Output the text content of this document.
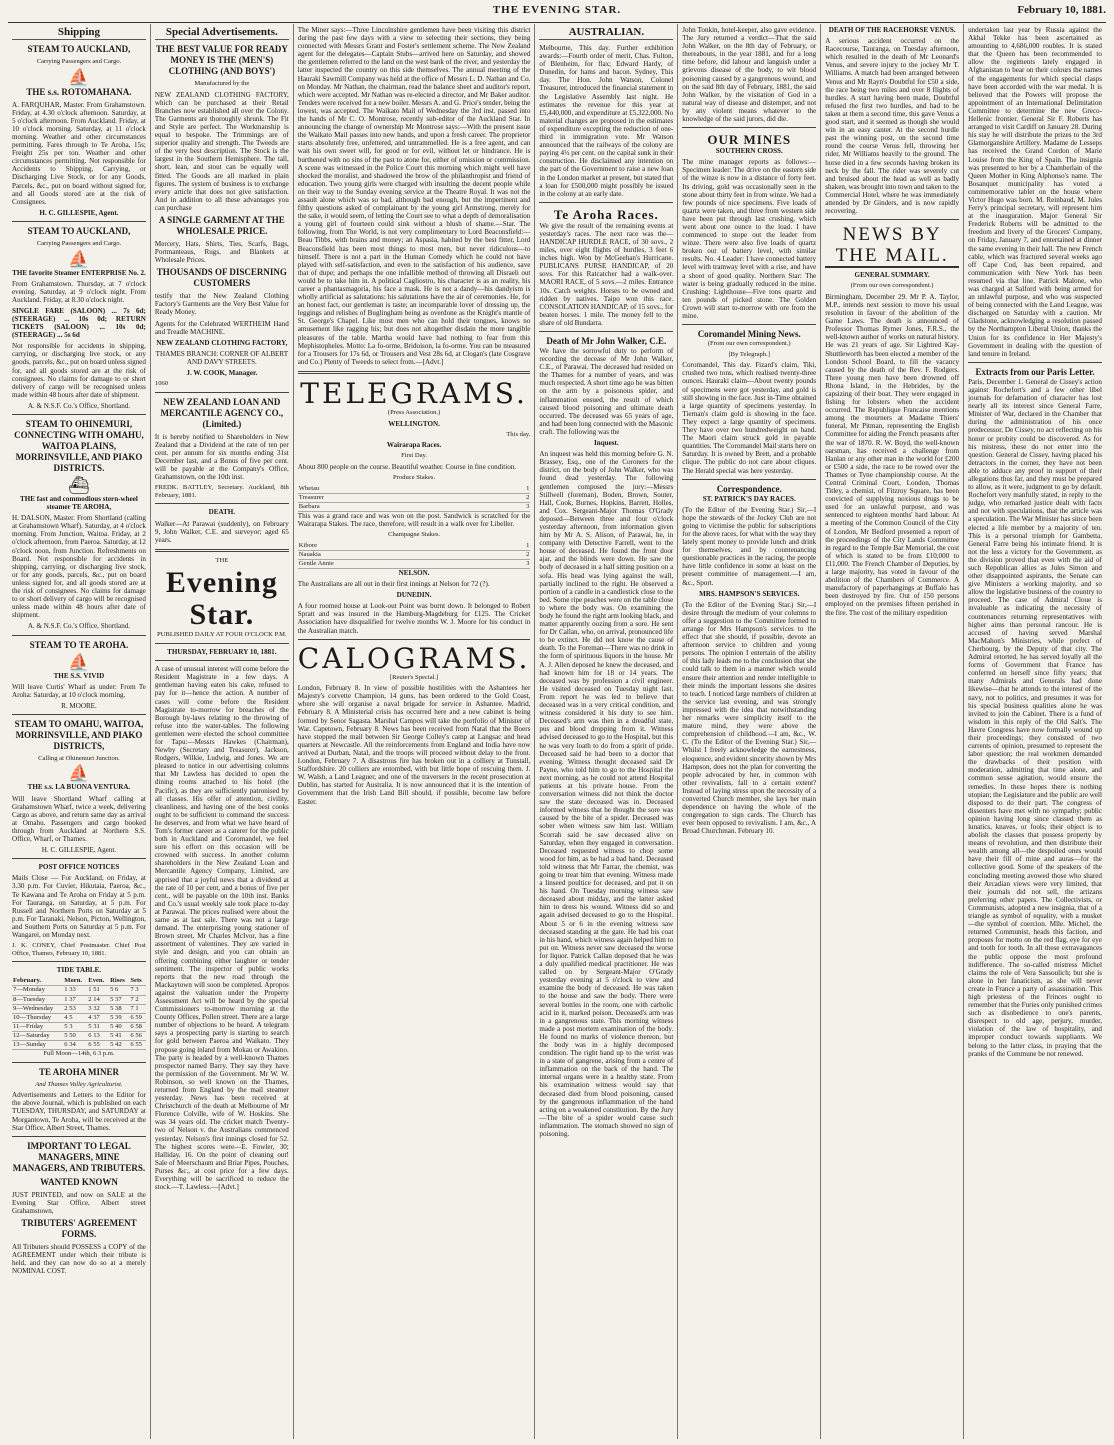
THE EVENING STAR.	February 10, 1881.
Shipping

STEAM TO AUCKLAND,

Carrying Passengers and Cargo.

⛵

THE s.s. ROTOMAHANA.

A. FARQUHAR, Master. From Grahamstown. Friday, at 4.30 o'clock afternoon. Saturday, at 5 o'clock afternoon. From Auckland. Friday, at 10 o'clock morning. Saturday, at 11 o'clock morning. Weather and other circumstances permitting. Fares through to Te Aroha, 15s; Freight 25s per ton. Weather and other circumstances permitting. Not responsible for Accidents to Shipping, Carrying, or Discharging Live Stock, or for any Goods, Parcels, &c., put on board without signed for, and all Goods stored are at the risk of Consignees.

H. C. GILLESPIE, Agent.

STEAM TO AUCKLAND,

Carrying Passengers and Cargo.

⛵

THE favorite Steamer ENTERPRISE No. 2.

From Grahamstown. Thursday, at 7 o'clock evening. Saturday, at 9 o'clock night. From Auckland. Friday, at 8.30 o'clock night.

SINGLE FARE (SALOON) ... 7s 6d; (STEERAGE) ... 10s 0d; RETURN TICKETS (SALOON) ... 10s 0d; (STEERAGE) ... 5s 6d

Not responsible for accidents in shipping, carrying, or discharging live stock, or any goods, parcels, &c., put on board unless signed for, and all goods stored are at the risk of consignees. No claims for damage to or short delivery of cargo will be recognised unless made within 48 hours after date of shipment.

A. & N.S.F. Co.'s Office, Shortland.

STEAM TO OHINEMURI, CONNECTING WITH OMAHU, WAITOA PLAINS, MORRINSVILLE, AND PIAKO DISTRICTS.

⛴

THE fast and commodious stern-wheel steamer TE AROHA,

H. DALSON, Master. From Shortland (calling at Grahamstown Wharf). Saturday, at 4 o'clock morning. From Junction, Waitoa. Friday, at 2 o'clock afternoon, from Paeroa. Saturday, at 12 o'clock noon, from Junction. Refreshments on Board. Not responsible for accidents in shipping, carrying, or discharging live stock, or for any goods, parcels, &c., put on board unless signed for, and all goods stored are at the risk of consignees. No claims for damage to or short delivery of cargo will be recognised unless made within 48 hours after date of shipment.

A. & N.S.F. Co.'s Office, Shortland.

STEAM TO TE AROHA.

⛵

THE S.S. VIVID

Will leave Curtis' Wharf as under: From Te Aroha: Saturday, at 10 o'clock morning.

R. MOORE.

STEAM TO OMAHU, WAITOA, MORRINSVILLE, AND PIAKO DISTRICTS,

Calling at Ohinemuri Junction.

⛵

THE s.s. LA BUONA VENTURA.

Will leave Shortland Wharf calling at Grahamstown Wharf, twice a week, delivering Cargo as above, and return same day as arrival at Omahu. Passengers and cargo booked through from Auckland at Northern S.S. Office, Wharf, or Thames.

H. C. GILLESPIE, Agent.

POST OFFICE NOTICES

Mails Close — For Auckland, on Friday, at 3.30 p.m. For Cuvier, Hikutaia, Paeroa, &c., Te Kawana and Te Aroha on Friday at 5 p.m. For Tauranga, on Saturday, at 5 p.m. For Russell and Northern Ports on Saturday at 5 p.m. For Taranaki, Nelson, Picton, Wellington, and Southern Ports on Saturday at 5 p.m. For Wangarei, on Monday next.

J. K. CONEY, Chief Postmaster. Chief Post Office, Thames, February 10, 1881.

TIDE TABLE.

February.	Morn.	Even.	Rises	Sets
7—Monday	1 33	1 51	5 6	7 3
8—Tuesday	1 37	2 14	5 37	7 2
9—Wednesday	2 53	3 32	5 38	7 1
10—Thursday	4 5	4 37	5 39	6 59
11—Friday	5 3	5 31	5 40	6 58
12—Saturday	5 50	6 13	5 41	6 56
13—Sunday	6 34	6 55	5 42	6 55

Full Moon—14th, 6 3 p.m.

TE AROHA MINER

And Thames Valley Agriculturist.

Advertisements and Letters to the Editor for the above Journal, which is published on each TUESDAY, THURSDAY, and SATURDAY at Morgantown, Te Aroha, will be received at the Star Office, Albert Street, Thames.

IMPORTANT TO LEGAL MANAGERS, MINE MANAGERS, AND TRIBUTERS.

WANTED KNOWN

JUST PRINTED, and now on SALE at the Evening Star Office, Albert street Grahamstown,

TRIBUTERS' AGREEMENT FORMS.

All Tributers should POSSESS a COPY of the AGREEMENT under which their tribute is held, and they can now do so at a merely NOMINAL COST.

Special Advertisements.

THE BEST VALUE FOR READY MONEY IS THE (MEN'S) CLOTHING (AND BOYS')

Manufactured by the

NEW ZEALAND CLOTHING FACTORY, which can be purchased at their Retail Branches now established all over the Colony. The Garments are thoroughly shrunk. The Fit and Style are perfect. The Workmanship is equal to bespoke. The Trimmings are of superior quality and strength. The Tweeds are of the very best description. The Stock is the largest in the Southern Hemisphere. The tall, short, lean, and stout can be equally well fitted. The Goods are all marked in plain figures. The system of business is to exchange every article that does not give satisfaction. And in addition to all these advantages you can purchase

A SINGLE GARMENT AT THE WHOLESALE PRICE.

Mercery, Hats, Shirts, Ties, Scarfs, Bags, Portmanteaus, Rugs, and Blankets at Wholesale Prices.

THOUSANDS OF DISCERNING CUSTOMERS

testify that the New Zealand Clothing Factory's Garments are the Very Best Value for Ready Money.

Agents for the Celebrated WERTHEIM Hand and Treadle MACHINE.

NEW ZEALAND CLOTHING FACTORY,

THAMES BRANCH: CORNER OF ALBERT AND DAVY STREETS.

J. W. COOK, Manager.

1060

NEW ZEALAND LOAN AND MERCANTILE AGENCY CO., (Limited.)

It is hereby notified to Shareholders in New Zealand that a Dividend at the rate of ten per cent. per annum for six months ending 31st December last, and a Bonus of five per cent. will be payable at the Company's Office, Grahamstown, on the 10th inst.

FREDK. BATTLEY, Secretary. Auckland, 8th February, 1881.

DEATH.

Walker—At Parawai (suddenly), on February 9, John Walker, C.E. and surveyor; aged 65 years.

THE

Evening Star.

PUBLISHED DAILY AT FOUR O'CLOCK P.M.

THURSDAY, FEBRUARY 10, 1881.

A case of unusual interest will come before the Resident Magistrate in a few days. A gentleman having eaten his cake, refused to pay for it—hence the action. A number of cases will come before the Resident Magistrate to-morrow for breaches of the Borough by-laws relating to the throwing of refuse into the water-tables. The following gentlemen were elected the school committee for Tapu:—Messrs Hawkes (Chairman), Newby (Secretary and Treasurer), Jackson, Rodgers, Wilkie, Ludwig, and Jones. We are pleased to notice in our advertising columns that Mr Lawless has decided to open the dining rooms attached to his hotel (the Pacific), as they are sufficiently patronised by all classes. His offer of attention, civility, cleanliness, and having one of the best cooks ought to be sufficient to command the success he deserves, and from what we have heard of Tom's former career as a caterer for the public both in Auckland and Coromandel, we feel sure his effort on this occasion will be crowned with success. In another column shareholders in the New Zealand Loan and Mercantile Agency Company, Limited, are apprised that a joyful news that a dividend at the rate of 10 per cent, and a bonus of five per cent., will be payable on the 10th inst. Banks and Co.'s usual weekly sale took place to-day at Parawai. The prices realised were about the same as at last sale. There was not a large demand. The enterprising young stationer of Brown street, Mr Charles McIvor, has a fine assortment of valentines. They are varied in style and design, and you can obtain an offering combining either laughter or tender sentiment. The inspector of public works reports that the new road through the Mackaytown will soon be completed. Apropos against the valuation under the Property Assessment Act will be heard by the special Commissioners to-morrow morning at the County Offices, Pollen street. There are a large number of objections to be heard. A telegram says a prospecting party is starting to search for gold between Paeroa and Waikato. They propose going inland from Mokau or Awakino. The party is headed by a well-known Thames prospector named Barry. They say they have the permission of the Government. Mr W. W. Robinson, so well known on the Thames, returned from England by the mail steamer yesterday. News has been received at Christchurch of the death at Melbourne of Mr Florence Colville, wife of W. Hoskins. She was 34 years old. The cricket match Twenty-two of Nelson v. the Australians commenced yesterday. Nelson's first innings closed for 52. The highest scores were—E. Fowler, 30; Halliday, 16. On the point of cleaning out! Sale of Meerschaum and Briar Pipes, Pouches, Purses &c., at cost price for a few days. Everything will be sacrificed to reduce the stock.—T. Lawless.—[Advt.]

The Miner says:—Three Lincolnshire gentlemen have been visiting this district during the past few days with a view to selecting their sections, they being connected with Messrs Grant and Foster's settlement scheme. The New Zealand agent for the delegates—Captain Stubs—arrived here on Saturday, and showed the gentlemen referred to the land on the west bank of the river, and yesterday the latter inspected the country on this side themselves. The annual meeting of the Hauraki Sawmill Company was held at the office of Messrs L. D. Nathan and Co. on Monday. Mr Nathan, the chairman, read the balance sheet and auditor's report, which were accepted. Mr Nathan was re-elected a director, and Mr Baker auditor. Tenders were received for a new boiler. Messrs A. and G. Price's tender, being the lowest, was accepted. The Waikato Mail of Wednesday the 3rd inst. passed into the hands of Mr C. O. Montrose, recently sub-editor of the Auckland Star. In announcing the change of ownership Mr Montrose says:—With the present issue the Waikato Mail passes into new hands, and upon a fresh career. The proprietor starts absolutely free, unfettered, and untrammelled. He is a free agent, and can wait his own sweet will, for good or for evil, without let or hindrance. He is burthened with no sins of the past to atone for, either of omission or commission. A scene was witnessed in the Police Court this morning which might well have shocked the moralist, and shadowed the brow of the philanthropist and friend of education. Two young girls were charged with insulting the decent people while on their way to the Sunday evening service at the Theatre Royal. It was not the assault alone which was so bad, although bad enough, but the impertinent and filthy questions asked of complainant by the young girl Armstrong, merely for the sake, it would seem, of letting the Court see to what a depth of demoralisation a young girl of fourteen could sink without a blush of shame.—Star. The following, from The World, is not very complimentary to Lord Beaconsfield:—Beau Tibbs, with brains and money; an Aspasia, habited by the best fitter, Lord Beaconsfield has been most things to most men, but never ridiculous—to himself. There is not a part in the Human Comedy which he could not have played with self-satisfaction, and even to the satisfaction of his audience, save that of dupe; and perhaps the one infallible method of throwing all Disraeli out would be to take him in. A political Cagliostro, his character is as an reality, his career a phantasmagoria, his face a mask. He is not a dandy—his dandyism is wholly artificial as salutations: his salutations have the air of ceremonies. He, for an honest fact, our gentleman is taste; an incomparable lover of dressing up, the leggings and relishes of Buglingham being as overdone as the Knight's mantle of St. George's Chapel. Like most men who can hold their tongues, knows no amusement like ragging his; but does not altogether disdain the more tangible pleasures of the table. Martha would have had nothing to fear from this Mephistopheles. Motto: La fo-orme, Bridoison, la fo-orme. You can be measured for a Trousers for 17s 6d, or Trousers and Vest 28s 6d, at Clogan's (late Cosgrave and Co.) Plenty of Tweeds to select from.—[Advt.]

TELEGRAMS.

(Press Association.)

WELLINGTON.

This day.

Wairarapa Races.

First Day.

About 800 people on the course. Beautiful weather. Course in fine condition.

Produce Stakes.

Whetau	1
Treasurer	2
Barbara	3

This was a grand race and was won on the post. Sandwick is scratched for the Wairarapa Stakes. The race, therefore, will result in a walk over for Libeller.

Champagne Stakes.

Kibore	1
Nauakia	2
Gentle Annie	3

NELSON.

The Australians are all out in their first innings at Nelson for 72 (?).

DUNEDIN.

A four roomed house at Look-out Point was burnt down. It belonged to Robert Spratt and was insured in the Hamburg-Magdeburg for £125. The Cricket Association have disqualified for twelve months W. J. Moore for his conduct in the Australian match.

CALOGRAMS.

[Reuter's Special.]

London, February 8. In view of possible hostilities with the Ashantees her Majesty's corvette Champion, 14 guns, has been ordered to the Gold Coast, where she will organise a naval brigade for service in Ashantee. Madrid, February 8. A Ministerial crisis has occurred here and a new cabinet is being formed by Senor Sagasta. Marshal Campos will take the portfolio of Minister of War. Capetown, February 8. News has been received from Natal that the Boers have stopped the mail between Sir George Colley's camp at Langsac and head quarters at Newcastle. All the reinforcements from England and India have now arrived at Durban, Natal, and the troops will proceed without delay to the front. London, February 7. A disastrous fire has broken out in a colliery at Tunstall, Staffordshire. 20 colliers are entombed, with but little hope of rescuing them. J. W. Walsh, a Land Leaguer, and one of the traversers in the recent prosecution at Dublin, has started for Australia. It is now announced that it is the intention of Government that the Irish Land Bill should, if possible, become law before Easter.

AUSTRALIAN.

Melbourne, This day. Further exhibition awards:—Fourth order of merit, Chas. Fulton, of Blenheim, for flax; Edward Hardy, of Dunedin, for hams and bacon. Sydney, This day. The Hon. John Watson, Colonel Treasurer, introduced the financial statement in the Legislative Assembly last night. He estimates the revenue for this year at £5,440,000, and expenditure at £5,322,000. No material changes are proposed in the estimates of expenditure excepting the reduction of one-third in immigration vote. Mr Watson announced that the railways of the colony are paying 4½ per cent. on the capital sunk in their construction. He disclaimed any intention on the part of the Government to raise a new loan in the London market at present, but stated that a loan for £500,000 might possibly be issued in the colony at an early date.

Te Aroha Races.

We give the result of the remaining events at yesterday's races. The next race was the— HANDICAP HURDLE RACE, of 30 sovs., 2 miles, over eight flights of hurdles, 3 feet 6 inches high. Won by McGeehan's Hurricane. PUBLICANS PURSE HANDICAP, of 20 sovs. For this Ratcatcher had a walk-over. MAORI RACE, of 5 sovs.—2 miles. Entrance 10s. Catch weights. Horses to be owned and ridden by natives. Taipo won this race. CONSOLATION HANDICAP, of 15 sovs., for beaten horses. 1 mile. The money fell to the share of old Bundarra.

Death of Mr John Walker, C.E.

We have the sorrowful duty to perform of recording the decease of Mr John Walker, C.E., of Parawai. The deceased had resided on the Thames for a number of years, and was much respected. A short time ago he was bitten on the arm by a poisonous spider, and inflammation ensued, the result of which caused blood poisoning and ultimate death occurred. The deceased was 65 years of age, and had been long connected with the Masonic craft. The following was the

Inquest.

An inquest was held this morning before G. N. Brassey, Esq., one of the Coroners for the district, on the body of John Walker, who was found dead yesterday. The following gentlemen composed the jury:—Messrs Stillwell (foreman), Boden, Brown, Souter, Hall, Cook, Burnes, Hopkins, Barrett, Holles, and Cox. Sergeant-Major Thomas O'Grady deposed—Between three and four o'clock yesterday afternoon, from information given him by Mr A. S. Alison, of Parawai, he, in company with Detective Farrell, went to the house of deceased. He found the front door ajar, and the blinds were down. He saw the body of deceased in a half sitting position on a sofa. His head was lying against the wall, partially inclined to the right. He observed a portion of a candle in a candlestick close to the bed. Some ripe peaches were on the table close to where the body was. On examining the body he found the right arm looking black, and matter apparently oozing from a sore. He sent for Dr Callan, who, on arrival, pronounced life to be extinct. He did not know the cause of death. To the Foreman—There was no drink in the form of spirituous liquors in the house. Mr A. J. Allen deposed he knew the deceased, and had known him for 18 or 14 years. The deceased was by profession a civil engineer. He visited deceased on Tuesday night last. From report he was led to believe that deceased was in a very critical condition, and witness considered it his duty to see him. Deceased's arm was then in a dreadful state, pus and blood dropping from it. Witness advised deceased to go to the Hospital, but this he was very loath to do from a spirit of pride. Deceased said he had been to a doctor that evening. Witness thought deceased said Dr Payne, who told him to go to the Hospital the next morning, as he could not attend Hospital patients at his private house. From the conversation witness did not think the doctor saw the state deceased was in. Deceased informed witness that he thought the sore was caused by the bite of a spider. Deceased was sober when witness saw him last. William Scorrah said he saw deceased alive on Saturday, when they engaged in conversation. Deceased requested witness to chop some wood for him, as he had a bad hand. Deceased told witness that Mr Farrar, the chemist, was going to treat him that evening. Witness made a linseed poultice for deceased, and put it on his hand. On Tuesday morning witness saw deceased about midday, and the latter asked him to dress his wound. Witness did so and again advised deceased to go to the Hospital. About 5 or 6 in the evening witness saw deceased standing at the gate. He had his coat in his hand, which witness again helped him to put on. Witness never saw deceased the worse for liquor. Patrick Callan deposed that he was a duly qualified medical practitioner. He was called on by Sergeant-Major O'Grady yesterday evening at 5 o'clock to view and examine the body of deceased. He was taken to the house and saw the body. There were several bottles in the room, one with carbolic acid in it, marked poison. Deceased's arm was in a gangrenous state. This morning witness made a post mortem examination of the body. He found no marks of violence thereon, but the body was in a highly decomposed condition. The right hand up to the wrist was in a state of gangrene, arising from a centre of inflammation on the back of the hand. The internal organs were in a healthy state. From his examination witness would say that deceased died from blood poisoning, caused by the gangrenous inflammation of the hand acting on a weakened constitution. By the Jury—The bite of a spider would cause such inflammation. The stomach showed no sign of poisoning.

John Tonkin, hotel-keeper, also gave evidence. The Jury returned a verdict—That the said John Walker, on the 8th day of February, or thereabouts, in the year 1881, and for a long time before, did labour and languish under a grievous disease of the body, to wit blood poisoning caused by a gangrenous wound, and on the said 8th day of February, 1881, the said John Walker, by the visitation of God in a natural way of disease and distemper, and not by any violent means whatever to the knowledge of the said jurors, did die.

OUR MINES

SOUTHERN CROSS.

The mine manager reports as follows:—Specimen leader: The drive on the eastern side of the winze is now in a distance of forty feet. Its driving, gold was occasionally seen in the stone about thirty feet in from winze. We had a few pounds of nice specimens. Five loads of quartz were taken, and three from western side have been put through last crushing, which went about one ounce to the load. I have commenced to stope out the leader from winze. There were also five loads of quartz broken out of battery level, with similar results. No. 4 Leader: I have connected battery level with tramway level with a rise, and have a shoot of good quality. Northern Star: The water is being gradually reduced in the mine. Crushing: Lighthouse—Five tons quartz and ten pounds of picked stone. The Golden Crown will start to-morrow with ore from the mine.

Coromandel Mining News.

(From our own correspondent.)

[By Telegraph.]

Coromandel, This day. Fizard's claim, Tiki, crushed two tons, which realised twenty-three ounces. Hauraki claim—About twenty pounds of specimens were got yesterday, and gold is still showing in the face. Just in-Time obtained a large quantity of specimens yesterday. In Tiernan's claim gold is showing in the face. They expect a large quantity of specimens. They have over two hundredweight on hand. The Maori claim struck gold in payable quantities. The Coromandel Mail starts here on Saturday. It is owned by Brett, and a probable clique. The public do not care about cliques. The Herald special was here yesterday.

Correspondence.

ST. PATRICK'S DAY RACES.

(To the Editor of the Evening Star.) Sir,—I hope the stewards of the Jockey Club are not going to victimise the public for subscriptions for the above races, for what with the way they lately spent money to provide lunch and drink for themselves, and by countenancing questionable practices in the racing, the people have little confidence in some at least on the present committee of management.—I am, &c., Sport.

MRS. HAMPSON'S SERVICES.

(To the Editor of the Evening Star.) Sir,—I desire through the medium of your columns to offer a suggestion to the Committee formed to arrange for Mrs Hampson's services to the effect that she should, if possible, devote an afternoon service to children and young persons. The opinion I entertain of the ability of this lady leads me to the conclusion that she could talk to them in a manner which would ensure their attention and render intelligible to their minds the important lessons she desires to teach. I noticed large numbers of children at the service last evening, and was strongly impressed with the idea that notwithstanding her remarks were simplicity itself to the mature mind, they were above the comprehension of childhood.—I am, &c., W. C. (To the Editor of the Evening Star.) Sir,—Whilst I freely acknowledge the earnestness, eloquence, and evident sincerity shown by Mrs Hampson, does not the plan for converting the people advocated by her, in common with other revivalists, fall to a certain extent? Instead of laying stress upon the necessity of a converted Church member, she lays her main dependence on having the whole of the congregation to sign cards. The Church has ever been opposed to revivalism. I am, &c., A Broad Churchman. February 10.

DEATH OF THE RACEHORSE VENUS.

A serious accident occurred on the Racecourse, Tauranga, on Tuesday afternoon, which resulted in the death of Mr Leonard's Venus, and severe injury to the jockey Mr T. Williams. A match had been arranged between Venus and Mr Rayn's Doubtful for £50 a side, the race being two miles and over 8 flights of hurdles. A start having been made, Doubtful refused the first two hurdles, and had to be taken at them a second time, this gave Venus a good start, and it seemed as though she would win in an easy canter. At the second hurdle past the winning post, on the second time round the course Venus fell, throwing her rider, Mr Williams heavily to the ground. The horse died in a few seconds having broken its neck by the fall. The rider was severely cut and bruised about the head as well as badly shaken, was brought into town and taken to the Commercial Hotel, where he was immediately attended by Dr Ginders, and is now rapidly recovering.

NEWS BY THE MAIL.

GENERAL SUMMARY.

(From our own correspondent.)

Birmingham, December 29. Mr P. A. Taylor, M.P., intends next session to move his usual resolution in favour of the abolition of the Game Laws. The death is announced of Professor Thomas Rymer Jones, F.R.S., the well-known author of works on natural history. He was 21 years of age. Sir Lightred Kay-Shuttleworth has been elected a member of the London School Board, to fill the vacancy caused by the death of the Rev. F. Rodgers. Three young men have been drowned off Rhona Island, in the Hebrides, by the capsizing of their boat. They were engaged in fishing for lobsters when the accident occurred. The Republique Francaise mentions among the mourners at Madame Thiers' funeral, Mr Pitman, representing the English Committee for aiding the French peasants after the war of 1870. R. W. Boyd, the well-known oarsman, has received a challenge from Hanlan or any other man in the world for £200 or £500 a side, the race to be rowed over the Thames or Tyne championship course. At the Central Criminal Court, London, Thomas Titley, a chemist, of Fitzroy Square, has been convicted of supplying noxious drugs to be used for an unlawful purpose, and was sentenced to eighteen months' hard labour. At a meeting of the Common Council of the City of London, Mr Bedford presented a report of the proceedings of the City Lands Committee in regard to the Temple Bar Memorial, the cost of which is stated to be from £10,000 to £11,000. The French Chamber of Deputies, by a large majority, has voted in favour of the abolition of the Chambers of Commerce. A manufactory of paperhangings at Buffalo has been destroyed by fire. Out of 150 persons employed on the premises fifteen perished in the fire. The cost of the military expedition

undertaken last year by Russia against the Akhal Tekke has been ascertained as amounting to 4,686,000 roubles. It is stated that the Queen has been recommended to allow the regiments lately engaged in Afghanistan to bear on their colours the names of the engagements for which special clasps have been accorded with the war medal. It is believed that the Powers will propose the appointment of an International Delimitation Committee to determine the new Greco-Hellenic frontier. General Sir F. Roberts has arranged to visit Cardiff on January 28. During his stay he will distribute the prizes to the 3rd Glamorganshire Artillery. Madame de Lesseps has received the Grand Cordon of Marie Louise from the King of Spain. The insignia was presented to her by a Chamberlain of the Queen Mother in King Alphonso's name. The Bosanquet municipality has voted a commemorative tablet on the house where Victor Hugo was born. M. Reinbaud, M. Jules Ferry's principal secretary, will represent him at the inauguration. Major General Sir Frederick Roberts will be admitted to the freedom and livery of the Grocers' Company, on Friday, January 7, and entertained at dinner the same evening in their hall. The new French cable, which was fractured several weeks ago off Cape Cod, has been repaired, and communication with New York has been resumed via that line. Patrick Malone, who was charged at Salford with being armed for an unlawful purpose, and who was suspected of being connected with the Land League, was discharged on Saturday with a caution. Mr Gladstone, acknowledging a resolution passed by the Northampton Liberal Union, thanks the Union for its confidence in Her Majesty's Government in dealing with the question of land tenure in Ireland.

Extracts from our Paris Letter.

Paris, December 1. General de Cissey's action against Rochefort's and a few other libel journals for defamation of character has lost nearly all its interest since General Farre, Minister of War, declared in the Chamber that during the administration of his once predecessor, De Cissey, no act reflecting on his honor or probity could be discovered. As for his mistress, these do not enter into the question. General de Cissey, having placed his detractors in the corner, they have not been able to adduce any proof in support of their allegations thus far, and they must be prepared to allow, as it were, judgment to go by default. Rochefort very manfully stated, in reply to the judge, who remarked justice dealt with facts and not with speculations, that the article was a speculation. The War Minister has since been elected a life member by a majority of ten. This is a personal triumph for Gambetta, General Farre being his intimate friend. It is not the less a victory for the Government, as the division proved that even with the aid of such Republican allies as Jules Simon and other disappointed aspirants, the Senate can give Ministers a working majority, and so allow the legislative business of the country to proceed. The case of Admiral Cloue is invaluable as indicating the necessity of countenances returning representatives with higher aims than personal rancour. He is accused of having served Marshal MacMahon's Ministries, while prefect of Cherbourg, by the Deputy of that city. The Admiral retorted, he has served loyally all the forms of Government that France has conferred on herself since fifty years; that many Admirals and Generals had done likewise—that he attends to the interest of the navy, not to politics, and presumes it was for his special business qualities alone he was invited to join the Cabinet. There is a fund of wisdom in this reply of the Old Salt's. The Havre Congress have now formally wound up their proceedings; they consisted of two currents of opinion, presumed to represent the labor question; the real workmen demanded the drawbacks of their position with moderation, admitting that time alone, and common sense agitation, would ensure the remedies. In these hopes there is nothing utopian; the Legislature and the public are well disposed to do their part. The congress of dissenters have met with no sympathy; public opinion having long since classed them as lunatics, knaves, or fools; their object is to abolish the classes that possess property by means of revolution, and then distribute their wealth among all—the despoiled ones would have their fill of mine and auras—for the collective good. Some of the speakers of the concluding meeting avowed those who shared their Arcadian views were very limited, that their journals did not sell, the artizans preferring other papers. The Collectivists, or Communists, adopted a new insignia, that of a triangle as symbol of equality, with a musket—the symbol of coercion. Mlle. Michel, the returned Communist, heads this faction, and proposes for motto on the red flag, eye for eye and tooth for tooth. In all these extravagances the public oppose the most profound indifference. The so-called mistress Michel claims the role of Vera Sassoulich; but she is alone in her fanaticism, as she will never create in France a party of assassination. This high priestess of the Frinces ought to remember that the Furies only punished crimes such as disobedience to one's parents, disrespect to old age, perjury, murder, violation of the law of hospitality, and improper conduct towards suppliants. We belong to the latter class, in praying that the pranks of the Commune be not renewed.
